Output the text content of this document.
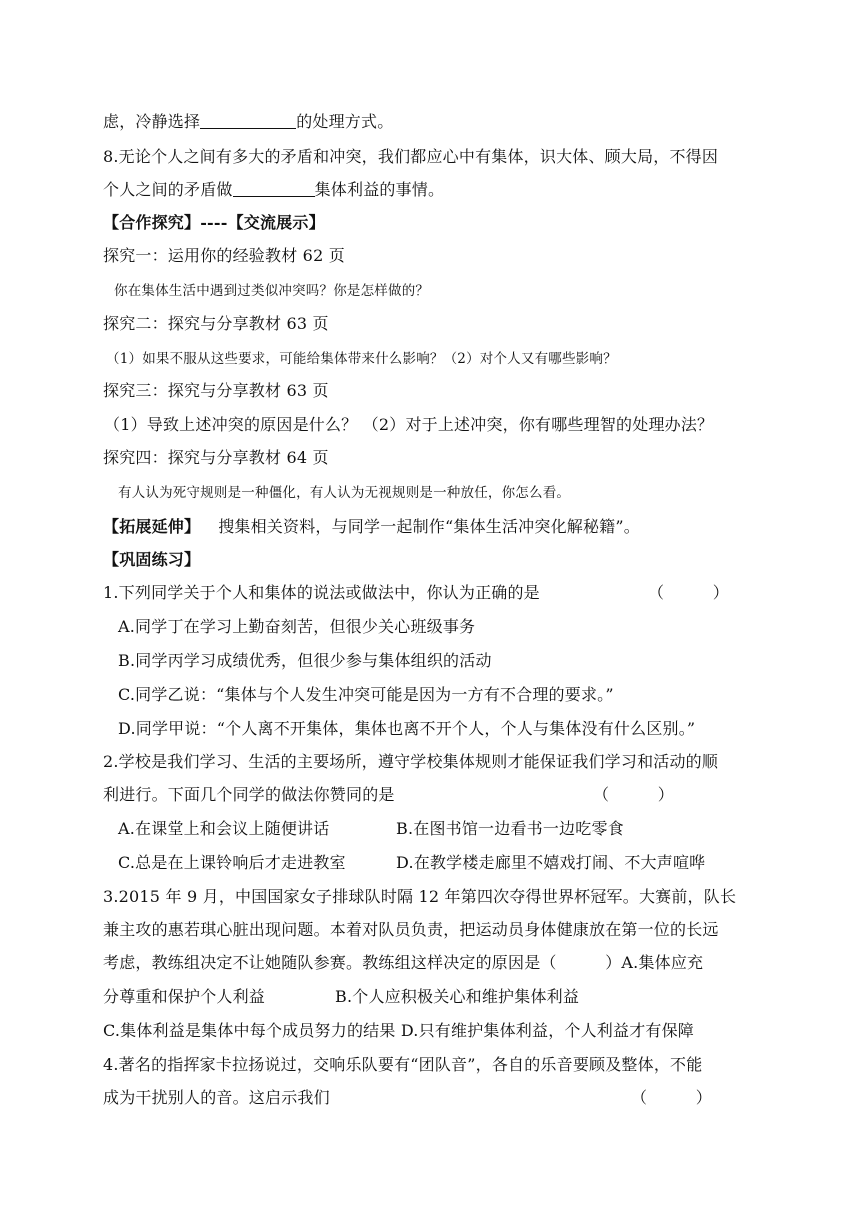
虑，冷静选择	的处理方式。
8.无论个人之间有多大的矛盾和冲突，我们都应心中有集体，识大体、顾大局，不得因
个人之间的矛盾做	集体利益的事情。
【合作探究】----【交流展示】
探究一：运用你的经验教材 62 页
你在集体生活中遇到过类似冲突吗？你是怎样做的？
探究二：探究与分享教材 63 页
（1）如果不服从这些要求，可能给集体带来什么影响？（2）对个人又有哪些影响？
探究三：探究与分享教材 63 页
（1）导致上述冲突的原因是什么？ （2）对于上述冲突，你有哪些理智的处理办法？
探究四：探究与分享教材 64 页
有人认为死守规则是一种僵化，有人认为无视规则是一种放任，你怎么看。
【拓展延伸】 搜集相关资料，与同学一起制作“集体生活冲突化解秘籍”。
【巩固练习】
1.下列同学关于个人和集体的说法或做法中，你认为正确的是	（　　　）
A.同学丁在学习上勤奋刻苦，但很少关心班级事务
B.同学丙学习成绩优秀，但很少参与集体组织的活动
C.同学乙说：“集体与个人发生冲突可能是因为一方有不合理的要求。”
D.同学甲说：“个人离不开集体，集体也离不开个人，个人与集体没有什么区别。”
2.学校是我们学习、生活的主要场所，遵守学校集体规则才能保证我们学习和活动的顺
利进行。下面几个同学的做法你赞同的是	（　　　）
A.在课堂上和会议上随便讲话	B.在图书馆一边看书一边吃零食
C.总是在上课铃响后才走进教室	D.在教学楼走廊里不嬉戏打闹、不大声喧哗
3.2015 年 9 月，中国国家女子排球队时隔 12 年第四次夺得世界杯冠军。大赛前，队长
兼主攻的惠若琪心脏出现问题。本着对队员负责，把运动员身体健康放在第一位的长远
考虑，教练组决定不让她随队参赛。教练组这样决定的原因是（　　　）A.集体应充
分尊重和保护个人利益	B.个人应积极关心和维护集体利益
C.集体利益是集体中每个成员努力的结果 D.只有维护集体利益，个人利益才有保障
4.著名的指挥家卡拉扬说过，交响乐队要有“团队音”，各自的乐音要顾及整体，不能
成为干扰别人的音。这启示我们	（　　　）
